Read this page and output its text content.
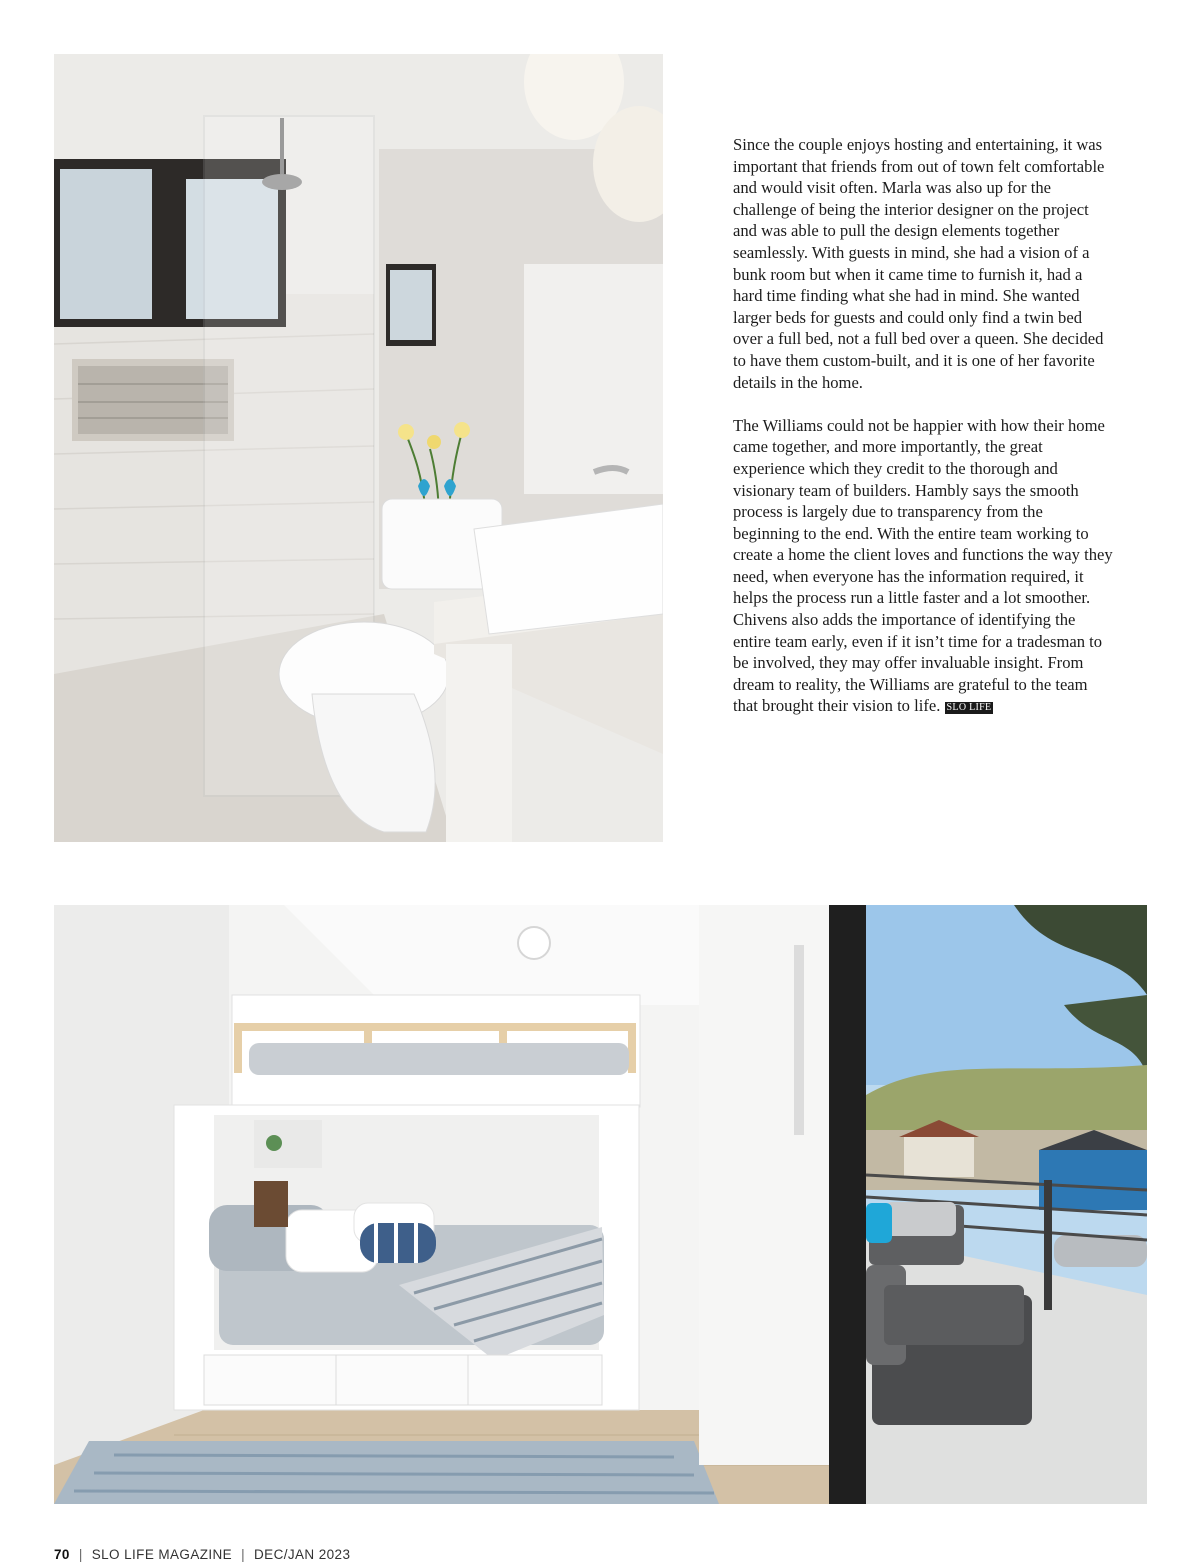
Since the couple enjoys hosting and entertaining, it was important that friends from out of town felt comfortable and would visit often. Marla was also up for the challenge of being the interior designer on the project and was able to pull the design elements together seamlessly. With guests in mind, she had a vision of a bunk room but when it came time to furnish it, had a hard time finding what she had in mind. She wanted larger beds for guests and could only find a twin bed over a full bed, not a full bed over a queen. She decided to have them custom-built, and it is one of her favorite details in the home.

The Williams could not be happier with how their home came together, and more importantly, the great experience which they credit to the thorough and visionary team of builders. Hambly says the smooth process is largely due to transparency from the beginning to the end. With the entire team working to create a home the client loves and functions the way they need, when everyone has the information required, it helps the process run a little faster and a lot smoother. Chivens also adds the importance of identifying the entire team early, even if it isn’t time for a tradesman to be involved, they may offer invaluable insight. From dream to reality, the Williams are grateful to the team that brought their vision to life. SLO LIFE

70 | SLO LIFE MAGAZINE | DEC/JAN 2023
